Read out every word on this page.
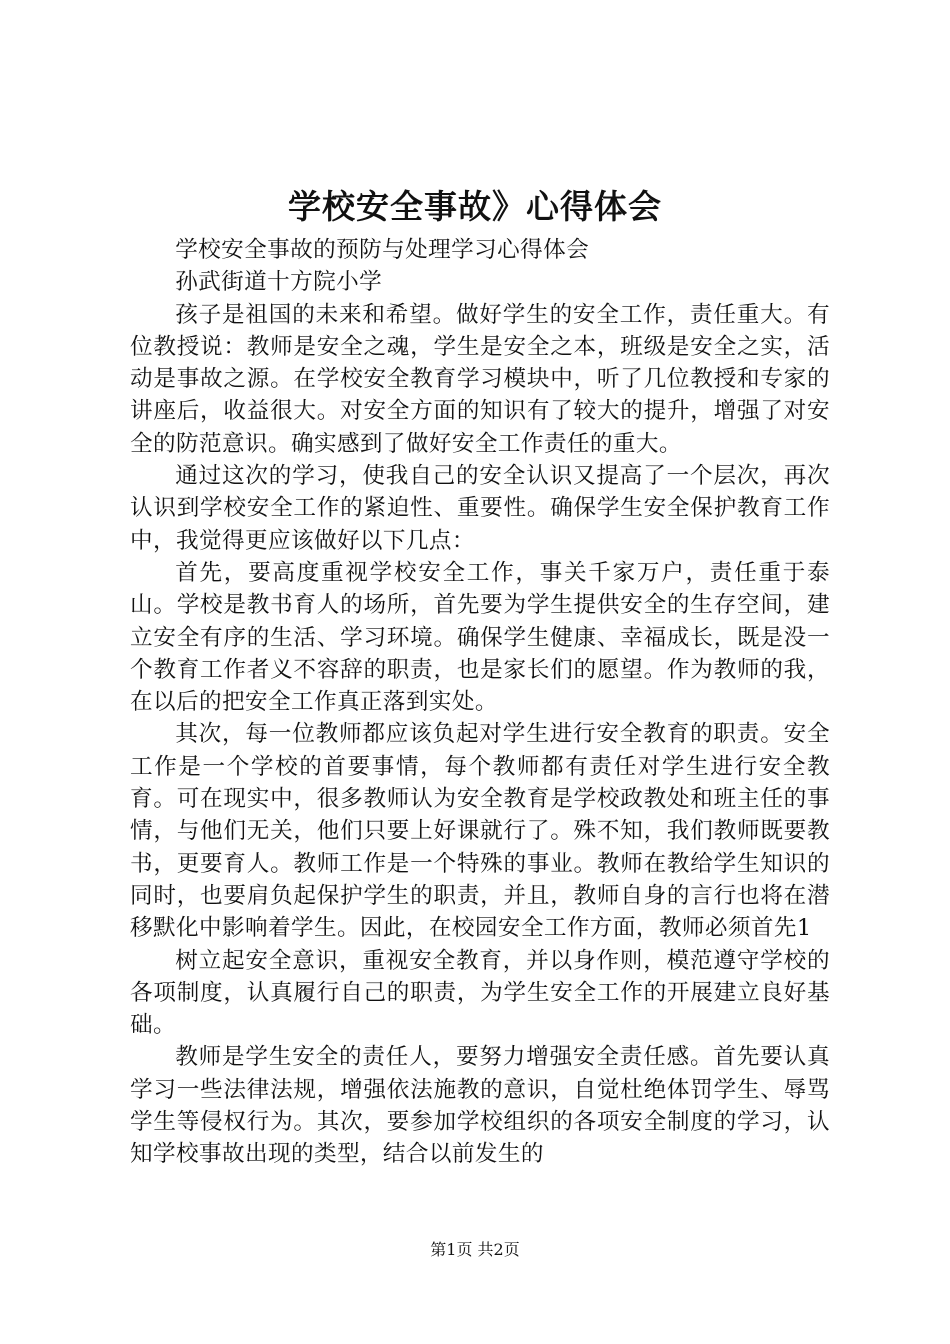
学校安全事故》心得体会

学校安全事故的预防与处理学习心得体会

孙武街道十方院小学

孩子是祖国的未来和希望。做好学生的安全工作，责任重大。有位教授说：教师是安全之魂，学生是安全之本，班级是安全之实，活动是事故之源。在学校安全教育学习模块中，听了几位教授和专家的讲座后，收益很大。对安全方面的知识有了较大的提升，增强了对安全的防范意识。确实感到了做好安全工作责任的重大。

通过这次的学习，使我自己的安全认识又提高了一个层次，再次认识到学校安全工作的紧迫性、重要性。确保学生安全保护教育工作中，我觉得更应该做好以下几点：

首先，要高度重视学校安全工作，事关千家万户，责任重于泰山。学校是教书育人的场所，首先要为学生提供安全的生存空间，建立安全有序的生活、学习环境。确保学生健康、幸福成长，既是没一个教育工作者义不容辞的职责，也是家长们的愿望。作为教师的我，在以后的把安全工作真正落到实处。

其次，每一位教师都应该负起对学生进行安全教育的职责。安全工作是一个学校的首要事情，每个教师都有责任对学生进行安全教育。可在现实中，很多教师认为安全教育是学校政教处和班主任的事情，与他们无关，他们只要上好课就行了。殊不知，我们教师既要教书，更要育人。教师工作是一个特殊的事业。教师在教给学生知识的同时，也要肩负起保护学生的职责，并且，教师自身的言行也将在潜移默化中影响着学生。因此，在校园安全工作方面，教师必须首先1

树立起安全意识，重视安全教育，并以身作则，模范遵守学校的各项制度，认真履行自己的职责，为学生安全工作的开展建立良好基础。

教师是学生安全的责任人，要努力增强安全责任感。首先要认真学习一些法律法规，增强依法施教的意识，自觉杜绝体罚学生、辱骂学生等侵权行为。其次，要参加学校组织的各项安全制度的学习，认知学校事故出现的类型，结合以前发生的

第1页 共2页
